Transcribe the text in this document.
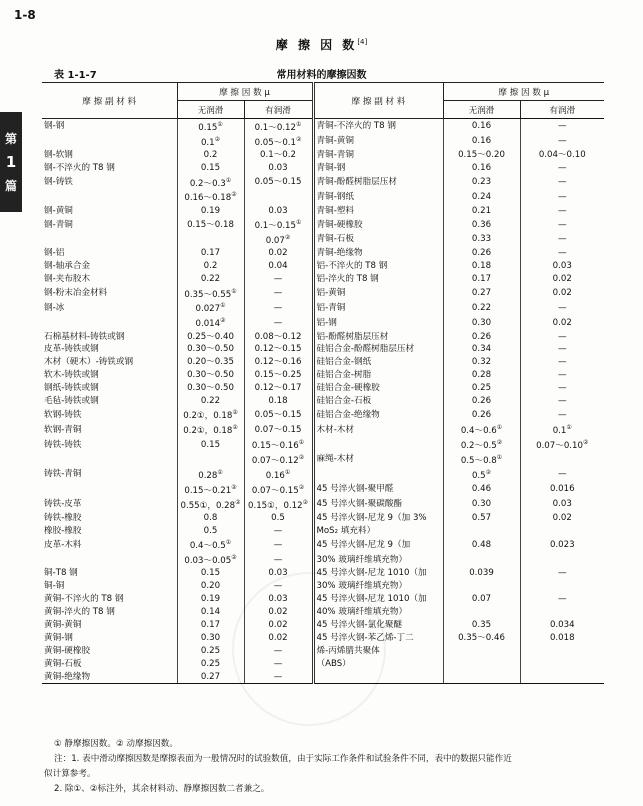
1-8
第
1
篇
摩 擦 因 数[4]
常用材料的摩擦因数
表 1-1-7
摩 擦 副 材 料	摩 擦 因 数 μ		摩 擦 副 材 料	摩 擦 因 数 μ	
	无润滑	有润滑		无润滑	有润滑
钢-钢	0.15①	0.1～0.12①	青铜-不淬火的 T8 钢	0.16	—
	0.1②	0.05～0.1②	青铜-黄铜	0.16	—
钢-软钢	0.2	0.1～0.2	青铜-青铜	0.15～0.20	0.04～0.10
钢-不淬火的 T8 钢	0.15	0.03	青铜-钢	0.16	—
钢-铸铁	0.2～0.3①	0.05～0.15	青铜-酚醛树脂层压材	0.23	—
	0.16～0.18②		青铜-钢纸	0.24	—
钢-黄铜	0.19	0.03	青铜-塑料	0.21	—
钢-青铜	0.15～0.18	0.1～0.15①	青铜-硬橡胶	0.36	—
		0.07②	青铜-石板	0.33	—
钢-铝	0.17	0.02	青铜-绝缘物	0.26	—
钢-轴承合金	0.2	0.04	铝-不淬火的 T8 钢	0.18	0.03
钢-夹布胶木	0.22	—	铝-淬火的 T8 钢	0.17	0.02
钢-粉末冶金材料	0.35～0.55①	—	铝-黄铜	0.27	0.02
钢-冰	0.027①	—	铝-青铜	0.22	—
	0.014②	—	铝-钢	0.30	0.02
石棉基材料-铸铁或钢	0.25～0.40	0.08～0.12	铝-酚醛树脂层压材	0.26	—
皮革-铸铁或钢	0.30～0.50	0.12～0.15	硅铝合金-酚醛树脂层压材	0.34	—
木材（硬木）-铸铁或钢	0.20～0.35	0.12～0.16	硅铝合金-钢纸	0.32	—
软木-铸铁或钢	0.30～0.50	0.15～0.25	硅铝合金-树脂	0.28	—
钢纸-铸铁或钢	0.30～0.50	0.12～0.17	硅铝合金-硬橡胶	0.25	—
毛毡-铸铁或钢	0.22	0.18	硅铝合金-石板	0.26	—
软钢-铸铁	0.2①，0.18②	0.05～0.15	硅铝合金-绝缘物	0.26	—
软钢-青铜	0.2①，0.18②	0.07～0.15	木材-木材	0.4～0.6①	0.1①
铸铁-铸铁	0.15	0.15～0.16①		0.2～0.5②	0.07～0.10②
		0.07～0.12②	麻绳-木材	0.5～0.8①	
铸铁-青铜	0.28①	0.16①		0.5②	—
	0.15～0.21②	0.07～0.15②	45 号淬火钢-聚甲醛	0.46	0.016
铸铁-皮革	0.55①，0.28②	0.15①，0.12②	45 号淬火钢-聚碳酸酯	0.30	0.03
铸铁-橡胶	0.8	0.5	45 号淬火钢-尼龙 9（加 3%	0.57	0.02
橡胶-橡胶	0.5	—	MoS₂ 填充料）		
皮革-木料	0.4～0.5①	—	45 号淬火钢-尼龙 9（加	0.48	0.023
	0.03～0.05②	—	30% 玻璃纤维填充物）		
铜-T8 钢	0.15	0.03	45 号淬火钢-尼龙 1010（加	0.039	—
铜-铜	0.20	—	30% 玻璃纤维填充物）		
黄铜-不淬火的 T8 钢	0.19	0.03	45 号淬火钢-尼龙 1010（加	0.07	—
黄铜-淬火的 T8 钢	0.14	0.02	40% 玻璃纤维填充物）		
黄铜-黄铜	0.17	0.02	45 号淬火钢-氯化聚醚	0.35	0.034
黄铜-钢	0.30	0.02	45 号淬火钢-苯乙烯-丁二	0.35～0.46	0.018
黄铜-硬橡胶	0.25	—	烯-丙烯腈共聚体		
黄铜-石板	0.25	—	（ABS）		
黄铜-绝缘物	0.27	—			
① 静摩擦因数。② 动摩擦因数。
注：1. 表中滑动摩擦因数是摩擦表面为一般情况时的试验数值，由于实际工作条件和试验条件不同，表中的数据只能作近
似计算参考。
2. 除①、②标注外，其余材料动、静摩擦因数二者兼之。
